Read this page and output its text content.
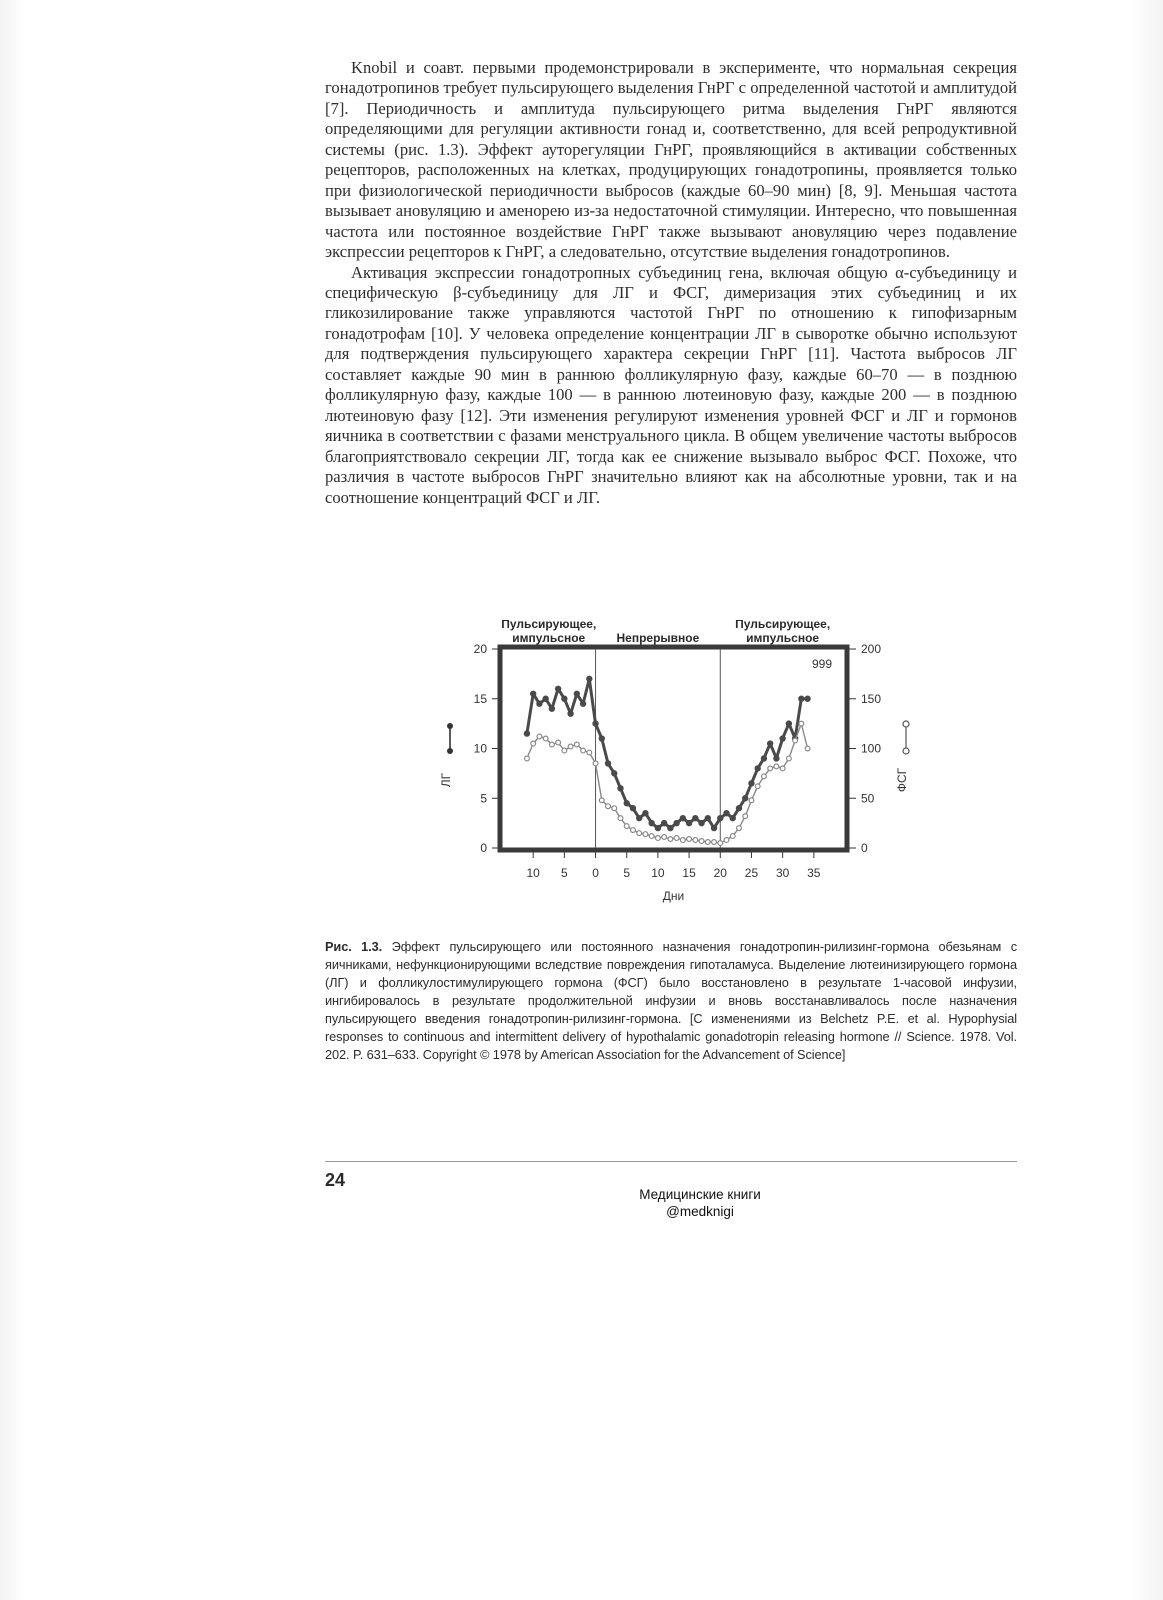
Knobil и соавт. первыми продемонстрировали в эксперименте, что нормальная секреция гонадотропинов требует пульсирующего выделения ГнРГ с определенной частотой и амплитудой [7]. Периодичность и амплитуда пульсирующего ритма выделения ГнРГ являются определяющими для регуляции активности гонад и, соответственно, для всей репродуктивной системы (рис. 1.3). Эффект ауторегуляции ГнРГ, проявляющийся в активации собственных рецепторов, расположенных на клетках, продуцирующих гонадотропины, проявляется только при физиологической периодичности выбросов (каждые 60–90 мин) [8, 9]. Меньшая частота вызывает ановуляцию и аменорею из-за недостаточной стимуляции. Интересно, что повышенная частота или постоянное воздействие ГнРГ также вызывают ановуляцию через подавление экспрессии рецепторов к ГнРГ, а следовательно, отсутствие выделения гонадотропинов.

Активация экспрессии гонадотропных субъединиц гена, включая общую α-субъединицу и специфическую β-субъединицу для ЛГ и ФСГ, димеризация этих субъединиц и их гликозилирование также управляются частотой ГнРГ по отношению к гипофизарным гонадотрофам [10]. У человека определение концентрации ЛГ в сыворотке обычно используют для подтверждения пульсирующего характера секреции ГнРГ [11]. Частота выбросов ЛГ составляет каждые 90 мин в раннюю фолликулярную фазу, каждые 60–70 — в позднюю фолликулярную фазу, каждые 100 — в раннюю лютеиновую фазу, каждые 200 — в позднюю лютеиновую фазу [12]. Эти изменения регулируют изменения уровней ФСГ и ЛГ и гормонов яичника в соответствии с фазами менструального цикла. В общем увеличение частоты выбросов благоприятствовало секреции ЛГ, тогда как ее снижение вызывало выброс ФСГ. Похоже, что различия в частоте выбросов ГнРГ значительно влияют как на абсолютные уровни, так и на соотношение концентраций ФСГ и ЛГ.

Пульсирующее,
импульсное	Непрерывное
Пульсирующее,
импульсное
0
5
10
15
20
ЛГ
0
50
100
150
200
ФСГ
10 5 0 5 10 15 20 25 30 35
Дни
999
Рис. 1.3. Эффект пульсирующего или постоянного назначения гонадотропин-рилизинг-гормона обезьянам с яичниками, нефункционирующими вследствие повреждения гипоталамуса. Выделение лютеинизирующего гормона (ЛГ) и фолликулостимулирующего гормона (ФСГ) было восстановлено в результате 1-часовой инфузии, ингибировалось в результате продолжительной инфузии и вновь восстанавливалось после назначения пульсирующего введения гонадотропин-рилизинг-гормона. [С изменениями из Belchetz P.E. et al. Hypophysial responses to continuous and intermittent delivery of hypothalamic gonadotropin releasing hormone // Science. 1978. Vol. 202. P. 631–633. Copyright © 1978 by American Association for the Advancement of Science]
24
Медицинские книги
@medknigi
